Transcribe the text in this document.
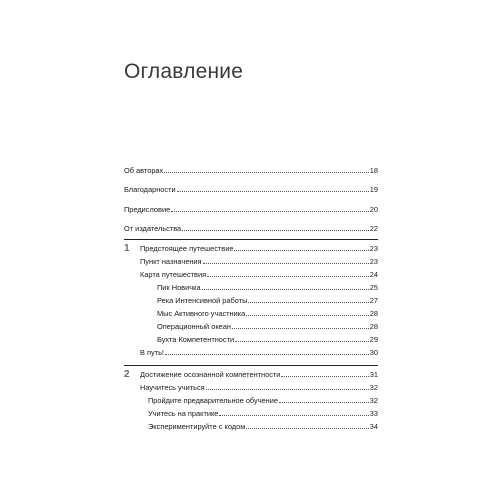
Оглавление
Об авторах	18
Благодарности	19
Предисловие	20
От издательства	22
1	Предстоящее путешествие	23
Пункт назначения	23
Карта путешествия	24
Пик Новичка	25
Река Интенсивной работы	27
Мыс Активного участника	28
Операционный океан	28
Бухта Компетентности	29
В путь!	30
2	Достижение осознанной компетентности	31
Научитесь учиться	32
Пройдите предварительное обучение	32
Учитесь на практике	33
Экспериментируйте с кодом	34
